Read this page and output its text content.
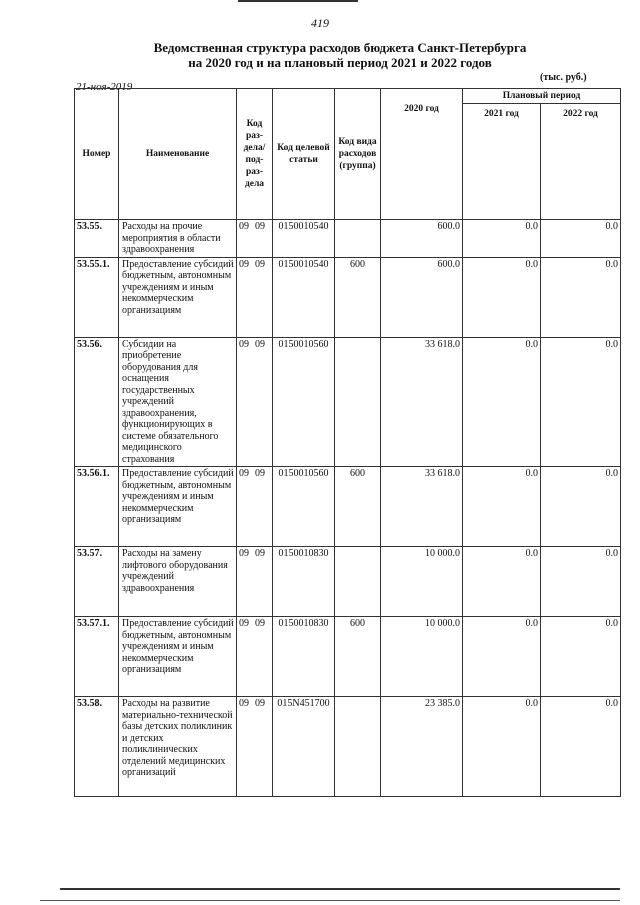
419
Ведомственная структура расходов бюджета Санкт-Петербурга
на 2020 год и на плановый период 2021 и 2022 годов
21-ноя-2019
(тыс. руб.)
Номер	Наименование	Код раз- дела/ под- раз- дела	Код целевой статьи	Код вида расходов (группа)	2020 год	Плановый период	
						2021 год	2022 год
53.55.	Расходы на прочие мероприятия в области здравоохранения	09 09	0150010540		600.0	0.0	0.0
53.55.1.	Предоставление субсидий бюджетным, автономным учреждениям и иным некоммерческим организациям	09 09	0150010540	600	600.0	0.0	0.0
53.56.	Субсидии на приобретение оборудования для оснащения государственных учреждений здравоохранения, функционирующих в системе обязательного медицинского страхования	09 09	0150010560		33 618.0	0.0	0.0
53.56.1.	Предоставление субсидий бюджетным, автономным учреждениям и иным некоммерческим организациям	09 09	0150010560	600	33 618.0	0.0	0.0
53.57.	Расходы на замену лифтового оборудования учреждений здравоохранения	09 09	0150010830		10 000.0	0.0	0.0
53.57.1.	Предоставление субсидий бюджетным, автономным учреждениям и иным некоммерческим организациям	09 09	0150010830	600	10 000.0	0.0	0.0
53.58.	Расходы на развитие материально-технической базы детских поликлиник и детских поликлинических отделений медицинских организаций	09 09	015N451700		23 385.0	0.0	0.0
